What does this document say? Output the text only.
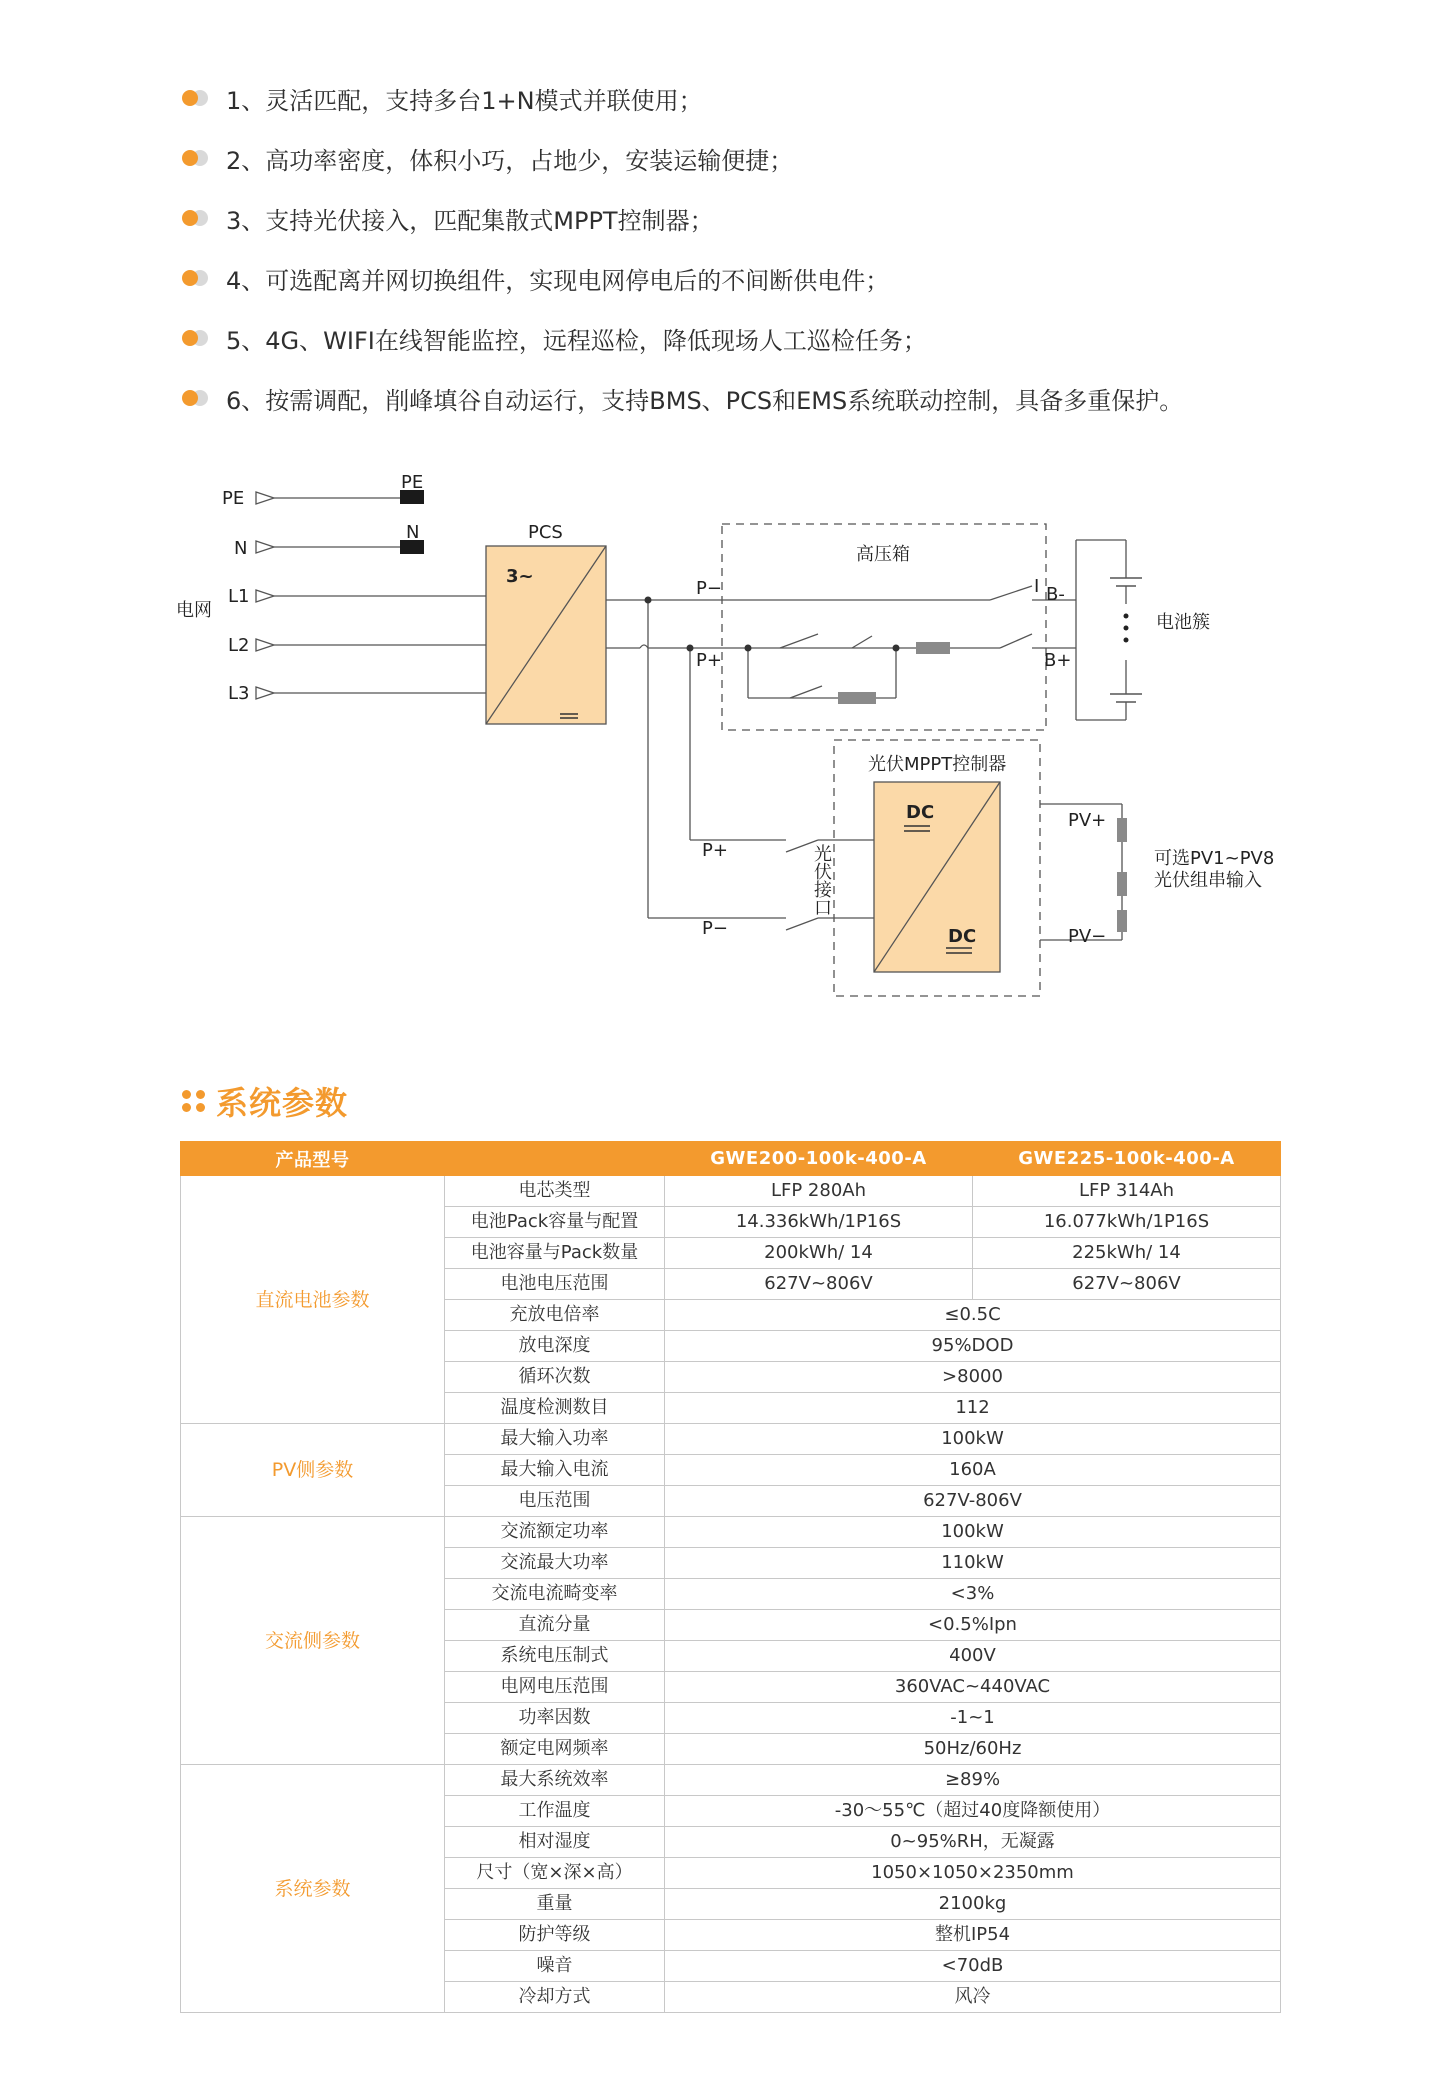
1、灵活匹配，支持多台1+N模式并联使用；
2、高功率密度，体积小巧，占地少，安装运输便捷；
3、支持光伏接入，匹配集散式MPPT控制器；
4、可选配离并网切换组件，实现电网停电后的不间断供电件；
5、4G、WIFI在线智能监控，远程巡检，降低现场人工巡检任务；
6、按需调配，削峰填谷自动运行，支持BMS、PCS和EMS系统联动控制，具备多重保护。
PE
PE
N
N
L1
L2
L3
电网
PCS
3~
高压箱
P−
P+
I B-
B+
电池簇
光伏MPPT控制器
DC
DC
P+
P−
光
伏
接
口
PV+
PV−
可选PV1~PV8
光伏组串输入
系统参数
产品型号		GWE200-100k-400-A	GWE225-100k-400-A
直流电池参数	电芯类型	LFP 280Ah	LFP 314Ah
	电池Pack容量与配置	14.336kWh/1P16S	16.077kWh/1P16S
	电池容量与Pack数量	200kWh/ 14	225kWh/ 14
	电池电压范围	627V~806V	627V~806V
	充放电倍率	≤0.5C	
	放电深度	95%DOD	
	循环次数	>8000	
	温度检测数目	112	
PV侧参数	最大输入功率	100kW	
	最大输入电流	160A	
	电压范围	627V-806V	
交流侧参数	交流额定功率	100kW	
	交流最大功率	110kW	
	交流电流畸变率	<3%	
	直流分量	<0.5%Ipn	
	系统电压制式	400V	
	电网电压范围	360VAC~440VAC	
	功率因数	-1~1	
	额定电网频率	50Hz/60Hz	
系统参数	最大系统效率	≥89%	
	工作温度	-30～55℃（超过40度降额使用）	
	相对湿度	0~95%RH，无凝露	
	尺寸（宽×深×高）	1050×1050×2350mm	
	重量	2100kg	
	防护等级	整机IP54	
	噪音	<70dB	
	冷却方式	风冷	
